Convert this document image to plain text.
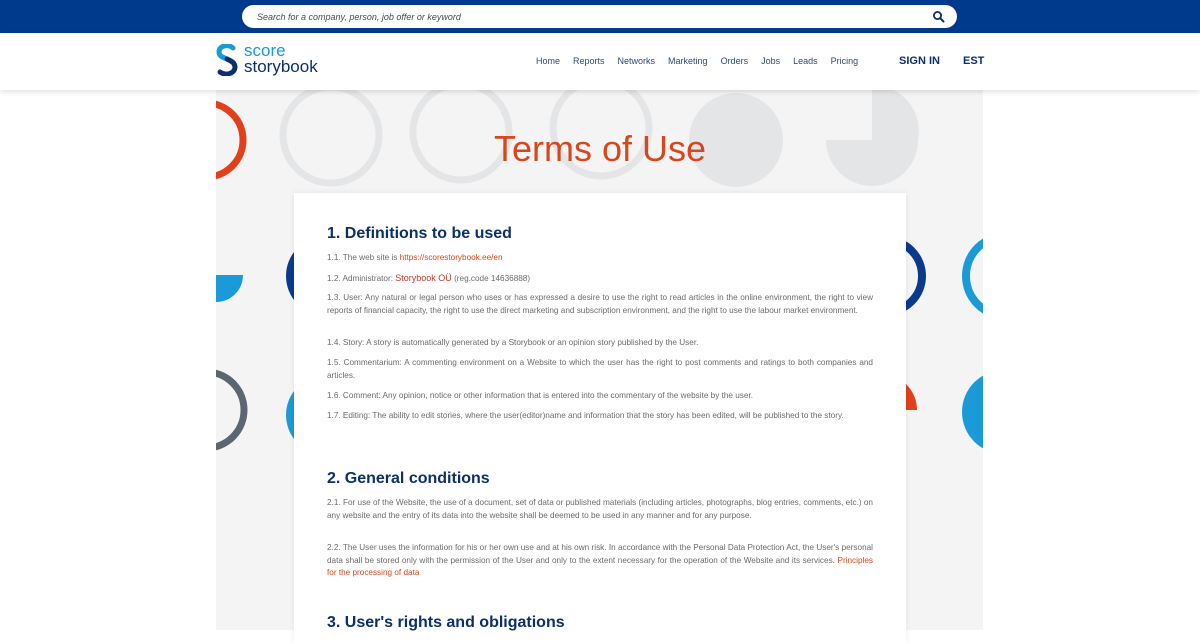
Search for a company, person, job offer or keyword
score
storybook	Home Reports Networks Marketing Orders Jobs Leads Pricing	SIGN IN EST
Terms of Use
1. Definitions to be used

1.1. The web site is https://scorestorybook.ee/en

1.2. Administrator: Storybook OÜ (reg.code 14636888)

1.3. User: Any natural or legal person who uses or has expressed a desire to use the right to read articles in the online environment, the right to view reports of financial capacity, the right to use the direct marketing and subscription environment, and the right to use the labour market environment.

1.4. Story: A story is automatically generated by a Storybook or an opinion story published by the User.

1.5. Commentarium: A commenting environment on a Website to which the user has the right to post comments and ratings to both companies and articles.

1.6. Comment: Any opinion, notice or other information that is entered into the commentary of the website by the user.

1.7. Editing: The ability to edit stories, where the user(editor)name and information that the story has been edited, will be published to the story.

2. General conditions

2.1. For use of the Website, the use of a document, set of data or published materials (including articles, photographs, blog entries, comments, etc.) on any website and the entry of its data into the website shall be deemed to be used in any manner and for any purpose.

2.2. The User uses the information for his or her own use and at his own risk. In accordance with the Personal Data Protection Act, the User's personal data shall be stored only with the permission of the User and only to the extent necessary for the operation of the Website and its services. Principles for the processing of data

3. User's rights and obligations
